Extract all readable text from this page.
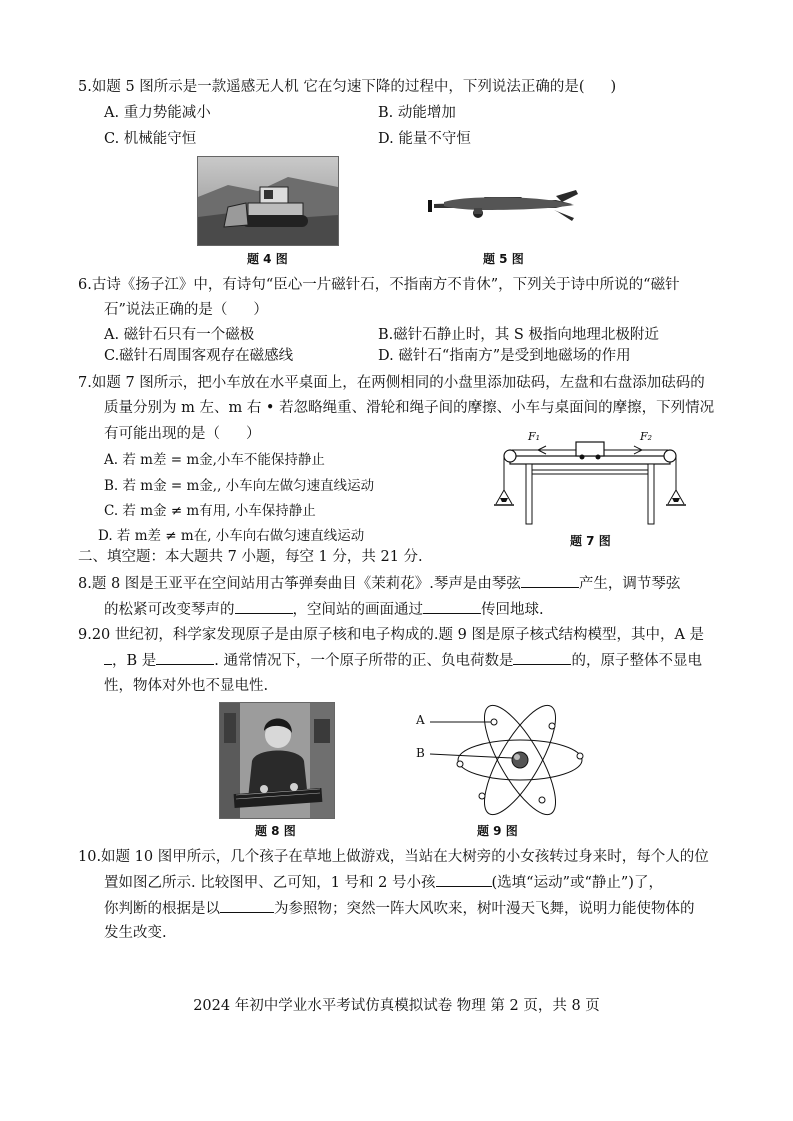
5.如题 5 图所示是一款遥感无人机 它在匀速下降的过程中，下列说法正确的是( )
A. 重力势能减小	B. 动能增加
C. 机械能守恒	D. 能量不守恒
题 4 图	题 5 图
6.古诗《扬子江》中，有诗句“臣心一片磁针石，不指南方不肯休”，下列关于诗中所说的“磁针
石”说法正确的是（ ）
A. 磁针石只有一个磁极	B.磁针石静止时，其 S 极指向地理北极附近
C.磁针石周围客观存在磁感线	D. 磁针石“指南方”是受到地磁场的作用
7.如题 7 图所示，把小车放在水平桌面上，在两侧相同的小盘里添加砝码，左盘和右盘添加砝码的
质量分别为 m 左、m 右 • 若忽略绳重、滑轮和绳子间的摩擦、小车与桌面间的摩擦，下列情况
有可能出现的是（ ）
A. 若 m差 = m金,小车不能保持静止
B. 若 m金 = m金,, 小车向左做匀速直线运动
C. 若 m金 ≠ m有用, 小车保持静止
D. 若 m差 ≠ m在, 小车向右做匀速直线运动
F₁	F₂
题 7 图
二、填空题：本大题共 7 小题，每空 1 分，共 21 分.
8.题 8 图是王亚平在空间站用古筝弹奏曲目《茉莉花》.琴声是由琴弦	产生，调节琴弦
的松紧可改变琴声的	，空间站的画面通过	传回地球.
9.20 世纪初，科学家发现原子是由原子核和电子构成的.题 9 图是原子核式结构模型，其中，A 是
，B 是	. 通常情况下，一个原子所带的正、负电荷数是	的，原子整体不显电
性，物体对外也不显电性.
题 8 图
A
B
题 9 图
10.如题 10 图甲所示，几个孩子在草地上做游戏，当站在大树旁的小女孩转过身来时，每个人的位
置如图乙所示. 比较图甲、乙可知，1 号和 2 号小孩	(选填“运动”或“静止”)了，
你判断的根据是以	为参照物；突然一阵大风吹来，树叶漫天飞舞，说明力能使物体的
发生改变.
2024 年初中学业水平考试仿真模拟试卷 物理 第 2 页，共 8 页
